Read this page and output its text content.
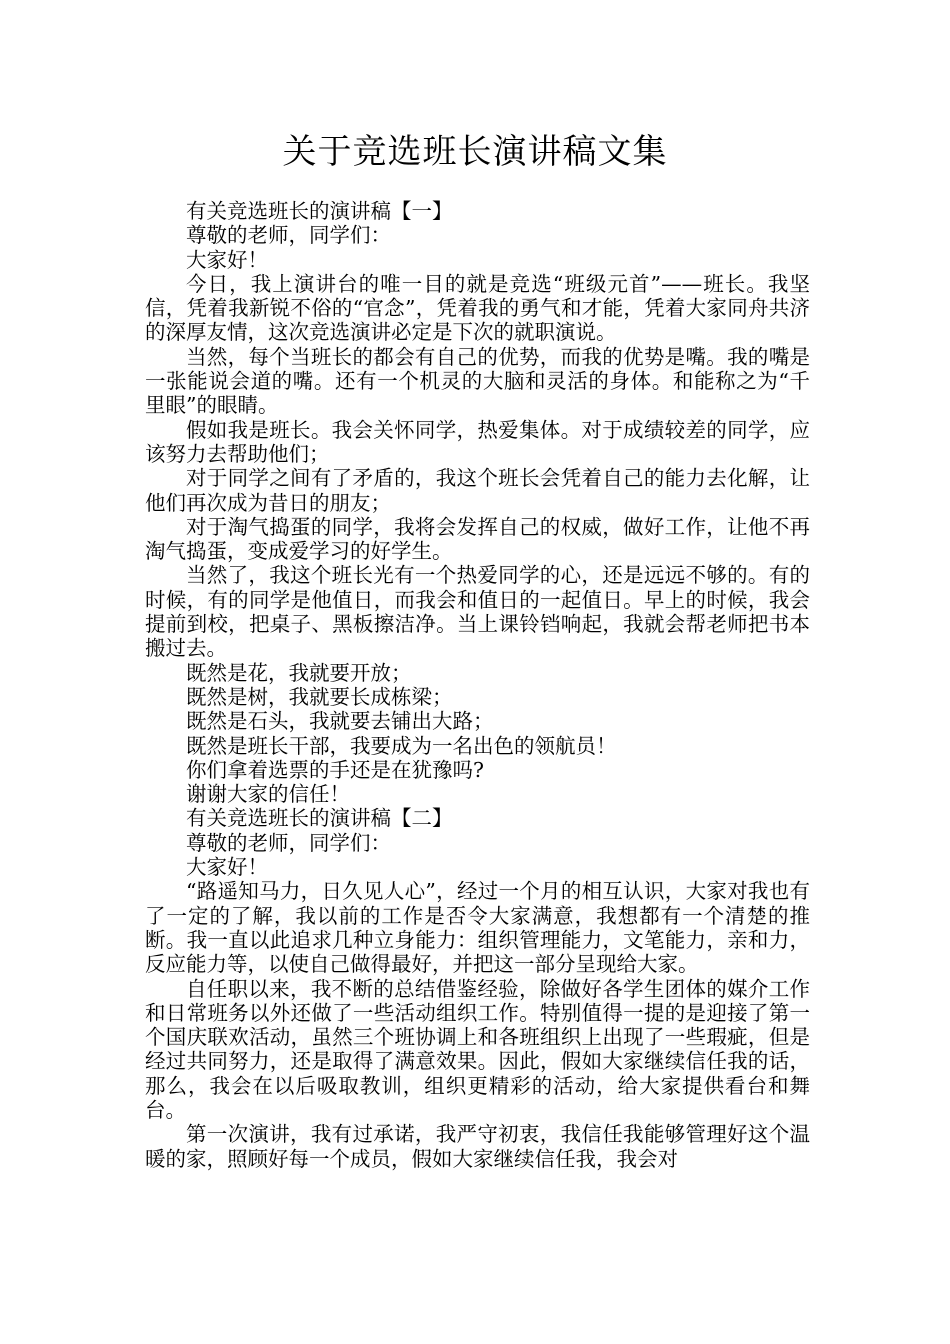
关于竞选班长演讲稿文集

有关竞选班长的演讲稿【一】

尊敬的老师，同学们：

大家好！

今日，我上演讲台的唯一目的就是竞选“班级元首”——班长。我坚信，凭着我新锐不俗的“官念”，凭着我的勇气和才能，凭着大家同舟共济的深厚友情，这次竞选演讲必定是下次的就职演说。

当然，每个当班长的都会有自己的优势，而我的优势是嘴。我的嘴是一张能说会道的嘴。还有一个机灵的大脑和灵活的身体。和能称之为“千里眼”的眼睛。

假如我是班长。我会关怀同学，热爱集体。对于成绩较差的同学，应该努力去帮助他们；

对于同学之间有了矛盾的，我这个班长会凭着自己的能力去化解，让他们再次成为昔日的朋友；

对于淘气捣蛋的同学，我将会发挥自己的权威，做好工作，让他不再淘气捣蛋，变成爱学习的好学生。

当然了，我这个班长光有一个热爱同学的心，还是远远不够的。有的时候，有的同学是他值日，而我会和值日的一起值日。早上的时候，我会提前到校，把桌子、黑板擦洁净。当上课铃铛响起，我就会帮老师把书本搬过去。

既然是花，我就要开放；

既然是树，我就要长成栋梁；

既然是石头，我就要去铺出大路；

既然是班长干部，我要成为一名出色的领航员！

你们拿着选票的手还是在犹豫吗?

谢谢大家的信任！

有关竞选班长的演讲稿【二】

尊敬的老师，同学们：

大家好！

“路遥知马力，日久见人心”，经过一个月的相互认识，大家对我也有了一定的了解，我以前的工作是否令大家满意，我想都有一个清楚的推断。我一直以此追求几种立身能力：组织管理能力，文笔能力，亲和力，反应能力等，以使自己做得最好，并把这一部分呈现给大家。

自任职以来，我不断的总结借鉴经验，除做好各学生团体的媒介工作和日常班务以外还做了一些活动组织工作。特别值得一提的是迎接了第一个国庆联欢活动，虽然三个班协调上和各班组织上出现了一些瑕疵，但是经过共同努力，还是取得了满意效果。因此，假如大家继续信任我的话，那么，我会在以后吸取教训，组织更精彩的活动，给大家提供看台和舞台。

第一次演讲，我有过承诺，我严守初衷，我信任我能够管理好这个温暖的家，照顾好每一个成员，假如大家继续信任我，我会对
